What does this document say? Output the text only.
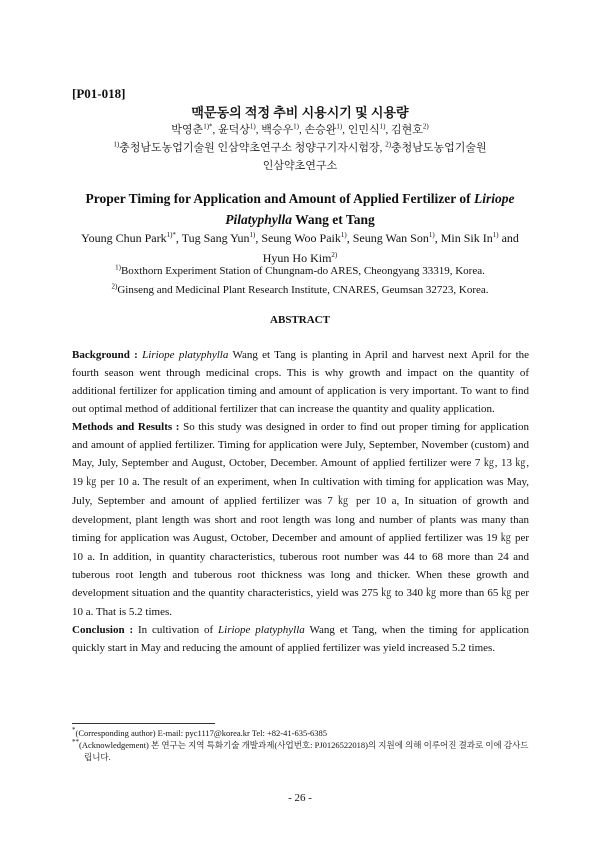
[P01-018]
맥문동의 적정 추비 시용시기 및 시용량
박영춘$^{1)*}$, 윤덕상$^{1)}$, 백승우$^{1)}$, 손승완$^{1)}$, 인민식$^{1)}$, 김현호$^{2)}$
$^{1)}$충청남도농업기술원 인삼약초연구소 청양구기자시험장, $^{2)}$충청남도농업기술원
인삼약초연구소
Proper Timing for Application and Amount of Applied Fertilizer of Liriope Pilatyphylla Wang et Tang
Young Chun Park$^{1)*}$, Tug Sang Yun$^{1)}$, Seung Woo Paik$^{1)}$, Seung Wan Son$^{1)}$, Min Sik In$^{1)}$ and Hyun Ho Kim$^{2)}$
$^{1)}$Boxthorn Experiment Station of Chungnam-do ARES, Cheongyang 33319, Korea.
$^{2)}$Ginseng and Medicinal Plant Research Institute, CNARES, Geumsan 32723, Korea.
ABSTRACT

Background : Liriope platyphylla Wang et Tang is planting in April and harvest next April for the fourth season went through medicinal crops. This is why growth and impact on the quantity of additional fertilizer for application timing and amount of application is very important. To want to find out optimal method of additional fertilizer that can increase the quantity and quality application.

Methods and Results : So this study was designed in order to find out proper timing for application and amount of applied fertilizer. Timing for application were July, September, November (custom) and May, July, September and August, October, December. Amount of applied fertilizer were 7 ㎏, 13 ㎏, 19 ㎏ per 10 a. The result of an experiment, when In cultivation with timing for application was May, July, September and amount of applied fertilizer was 7 ㎏ per 10 a, In situation of growth and development, plant length was short and root length was long and number of plants was many than timing for application was August, October, December and amount of applied fertilizer was 19 ㎏ per 10 a. In addition, in quantity characteristics, tuberous root number was 44 to 68 more than 24 and tuberous root length and tuberous root thickness was long and thicker. When these growth and development situation and the quantity characteristics, yield was 275 ㎏ to 340 ㎏ more than 65 ㎏ per 10 a. That is 5.2 times.

Conclusion : In cultivation of Liriope platyphylla Wang et Tang, when the timing for application quickly start in May and reducing the amount of applied fertilizer was yield increased 5.2 times.

*(Corresponding author) E-mail: pyc1117@korea.kr Tel: +82-41-635-6385
**(Acknowledgement) 본 연구는 지역 특화기술 개발과제(사업번호: PJ0126522018)의 지원에 의해 이루어진 결과로 이에 감사드립니다.
- 26 -
